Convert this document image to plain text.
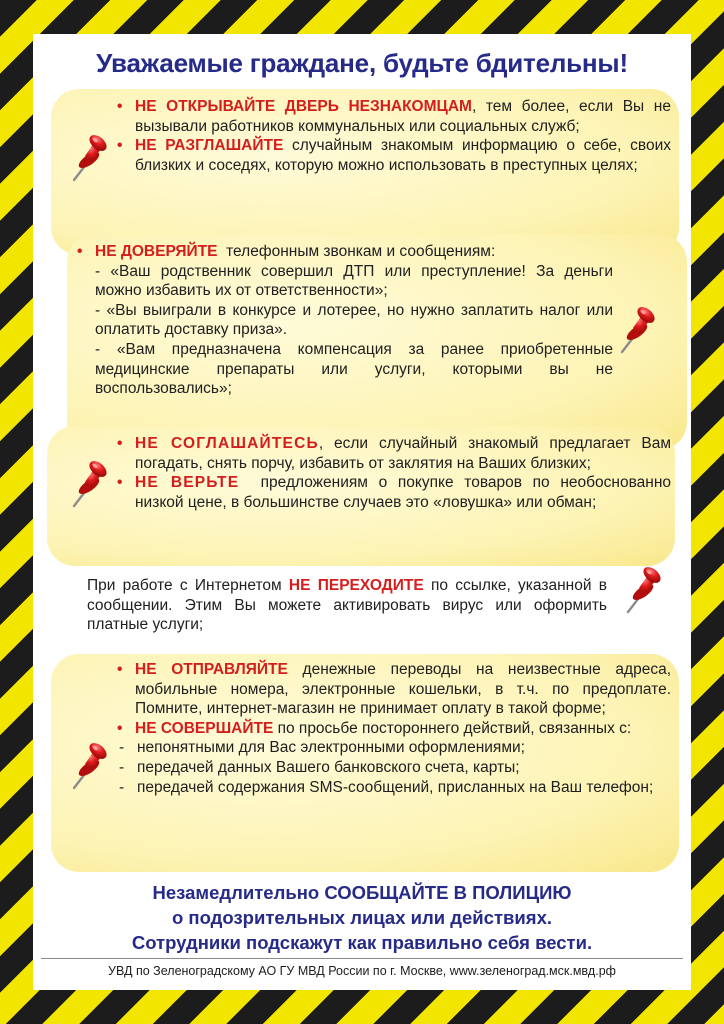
Уважаемые граждане, будьте бдительны!
• НЕ ОТКРЫВАЙТЕ ДВЕРЬ НЕЗНАКОМЦАМ, тем более, если Вы не вызывали работников коммунальных или социальных служб;
• НЕ РАЗГЛАШАЙТЕ случайным знакомым информацию о себе, своих близких и соседях, которую можно использовать в преступных целях;
• НЕ ДОВЕРЯЙТЕ  телефонным звонкам и сообщениям:
- «Ваш родственник совершил ДТП или преступление! За деньги можно избавить их от ответственности»;
- «Вы выиграли в конкурсе и лотерее, но нужно заплатить налог или оплатить доставку приза».
- «Вам предназначена компенсация за ранее приобретенные медицинские препараты или услуги, которыми вы не воспользовались»;
• НЕ СОГЛАШАЙТЕСЬ, если случайный знакомый предлагает Вам погадать, снять порчу, избавить от заклятия на Ваших близких;
• НЕ ВЕРЬТЕ  предложениям о покупке товаров по необоснованно низкой цене, в большинстве случаев это «ловушка» или обман;
При работе с Интернетом НЕ ПЕРЕХОДИТЕ по ссылке, указанной в сообщении. Этим Вы можете активировать вирус или оформить платные услуги;
• НЕ ОТПРАВЛЯЙТЕ денежные переводы на неизвестные адреса, мобильные номера, электронные кошельки, в т.ч. по предоплате. Помните, интернет-магазин не принимает оплату в такой форме;
• НЕ СОВЕРШАЙТЕ по просьбе постороннего действий, связанных с:
- непонятными для Вас электронными оформлениями;
- передачей данных Вашего банковского счета, карты;
- передачей содержания SMS-сообщений, присланных на Ваш телефон;
Незамедлительно СООБЩАЙТЕ В ПОЛИЦИЮ
о подозрительных лицах или действиях.
Сотрудники подскажут как правильно себя вести.
УВД по Зеленоградскому АО ГУ МВД России по г. Москве, www.зеленоград.мск.мвд.рф
